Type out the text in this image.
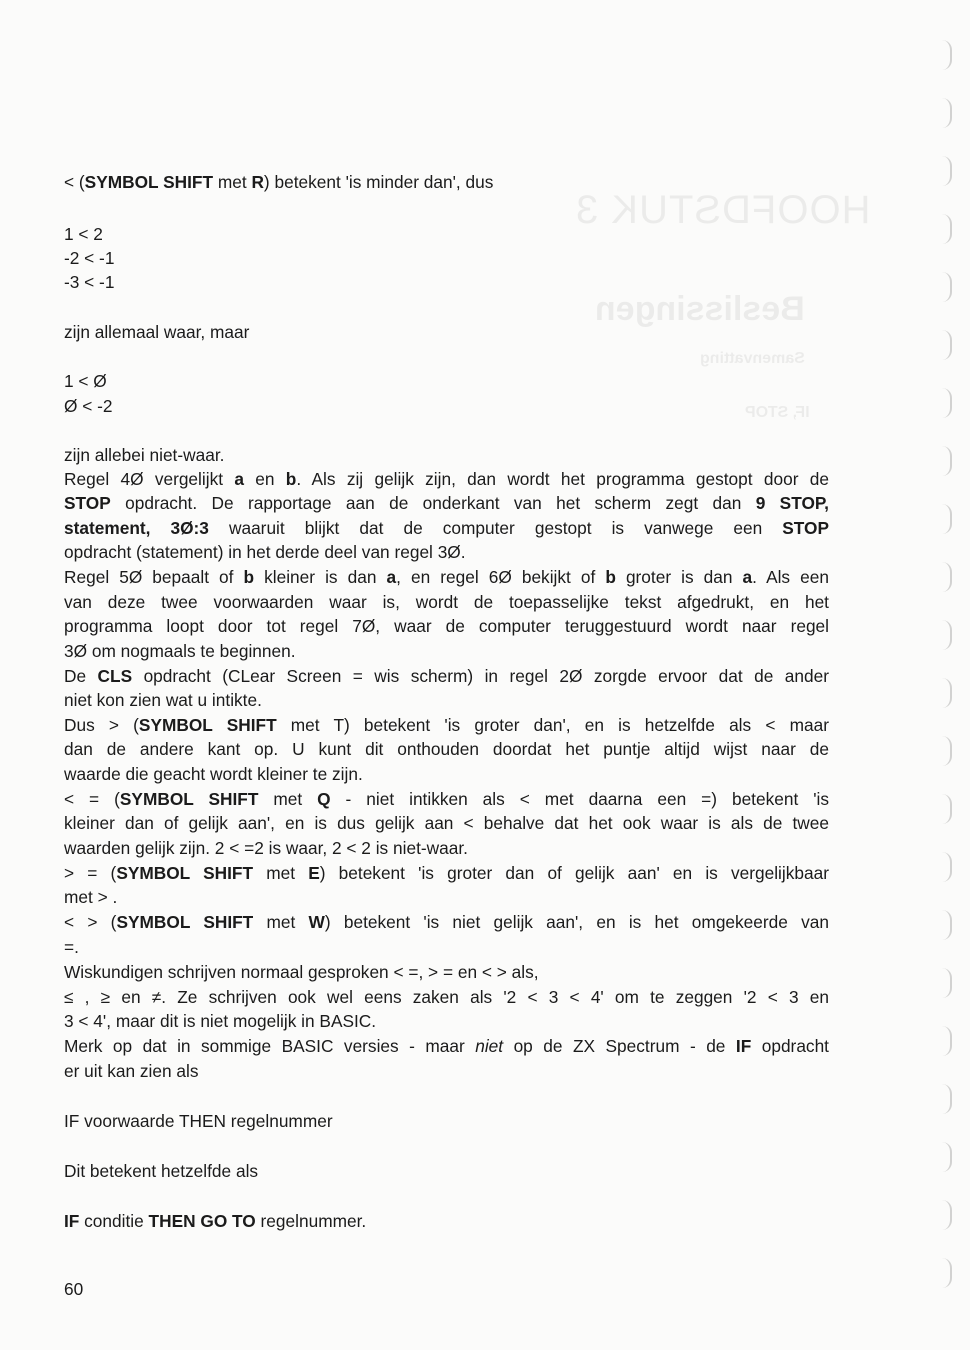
HOOFDSTUK 3
Beslissingen
Samenvatting
IF, STOP
< (SYMBOL SHIFT met R) betekent 'is minder dan', dus
1 < 2
-2 < -1
-3 < -1
zijn allemaal waar, maar
1 < Ø
Ø < -2
zijn allebei niet-waar.
Regel 4Ø vergelijkt a en b. Als zij gelijk zijn, dan wordt het programma gestopt door de
STOP opdracht. De rapportage aan de onderkant van het scherm zegt dan 9 STOP,
statement, 3Ø:3 waaruit blijkt dat de computer gestopt is vanwege een STOP
opdracht (statement) in het derde deel van regel 3Ø.
Regel 5Ø bepaalt of b kleiner is dan a, en regel 6Ø bekijkt of b groter is dan a. Als een
van deze twee voorwaarden waar is, wordt de toepasselijke tekst afgedrukt, en het
programma loopt door tot regel 7Ø, waar de computer teruggestuurd wordt naar regel
3Ø om nogmaals te beginnen.
De CLS opdracht (CLear Screen = wis scherm) in regel 2Ø zorgde ervoor dat de ander
niet kon zien wat u intikte.
Dus > (SYMBOL SHIFT met T) betekent 'is groter dan', en is hetzelfde als < maar
dan de andere kant op. U kunt dit onthouden doordat het puntje altijd wijst naar de
waarde die geacht wordt kleiner te zijn.
< = (SYMBOL SHIFT met Q - niet intikken als < met daarna een =) betekent 'is
kleiner dan of gelijk aan', en is dus gelijk aan < behalve dat het ook waar is als de twee
waarden gelijk zijn. 2 < =2 is waar, 2 < 2 is niet-waar.
> = (SYMBOL SHIFT met E) betekent 'is groter dan of gelijk aan' en is vergelijkbaar
met > .
< > (SYMBOL SHIFT met W) betekent 'is niet gelijk aan', en is het omgekeerde van
=.
Wiskundigen schrijven normaal gesproken < =, > = en < > als,
≤ , ≥ en ≠. Ze schrijven ook wel eens zaken als '2 < 3 < 4' om te zeggen '2 < 3 en
3 < 4', maar dit is niet mogelijk in BASIC.
Merk op dat in sommige BASIC versies - maar niet op de ZX Spectrum - de IF opdracht
er uit kan zien als
IF voorwaarde THEN regelnummer
Dit betekent hetzelfde als
IF conditie THEN GO TO regelnummer.
60
